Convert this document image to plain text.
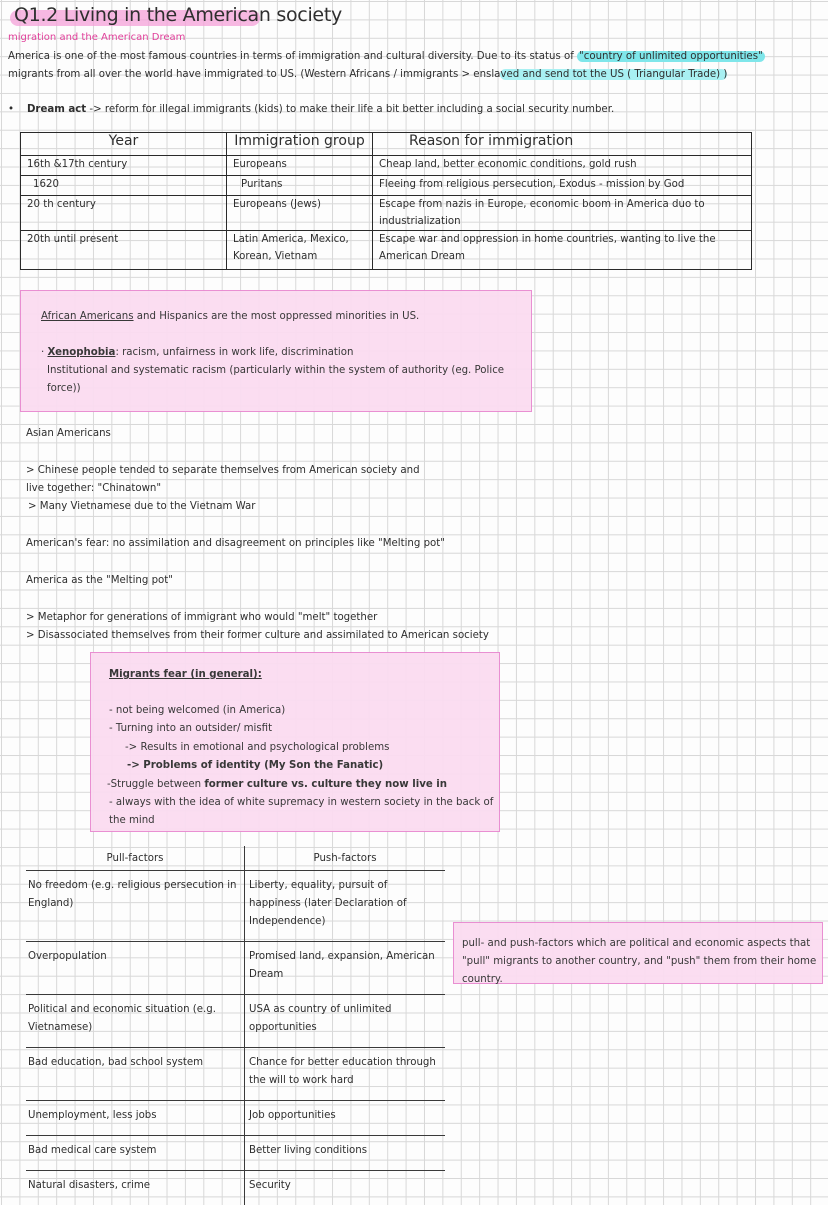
Q1.2 Living in the American society
migration and the American Dream
America is one of the most famous countries in terms of immigration and cultural diversity. Due to its status of "country of unlimited opportunities" migrants from all over the world have immigrated to US. (Western Africans / immigrants > enslaved and send tot the US ( Triangular Trade) )
•    Dream act -> reform for illegal immigrants (kids) to make their life a bit better including a social security number.
Year	Immigration group	Reason for immigration
16th &17th century	Europeans	Cheap land, better economic conditions, gold rush
1620	Puritans	Fleeing from religious persecution, Exodus - mission by God
20 th century	Europeans (Jews)	Escape from nazis in Europe, economic boom in America duo to industrialization
20th until present	Latin America, Mexico, Korean, Vietnam	Escape war and oppression in home countries, wanting to live the American Dream
African Americans and Hispanics are the most oppressed minorities in US.
· Xenophobia: racism, unfairness in work life, discrimination
Institutional and systematic racism (particularly within the system of authority (eg. Police force))
Asian Americans
> Chinese people tended to separate themselves from American society and live together: "Chinatown"
> Many Vietnamese due to the Vietnam War
American's fear: no assimilation and disagreement on principles like "Melting pot"
America as the "Melting pot"
> Metaphor for generations of immigrant who would "melt" together
> Disassociated themselves from their former culture and assimilated to American society
Migrants fear (in general):
- not being welcomed (in America)
- Turning into an outsider/ misfit
-> Results in emotional and psychological problems
-> Problems of identity (My Son the Fanatic)
-Struggle between former culture vs. culture they now live in
- always with the idea of white supremacy in western society in the back of the mind
Pull-factors	Push-factors
No freedom (e.g. religious persecution in England)	Liberty, equality, pursuit of happiness (later Declaration of Independence)
Overpopulation	Promised land, expansion, American Dream
Political and economic situation (e.g. Vietnamese)	USA as country of unlimited opportunities
Bad education, bad school system	Chance for better education through the will to work hard
Unemployment, less jobs	Job opportunities
Bad medical care system	Better living conditions
Natural disasters, crime	Security
pull- and push-factors which are political and economic aspects that "pull" migrants to another country, and "push" them from their home country.
